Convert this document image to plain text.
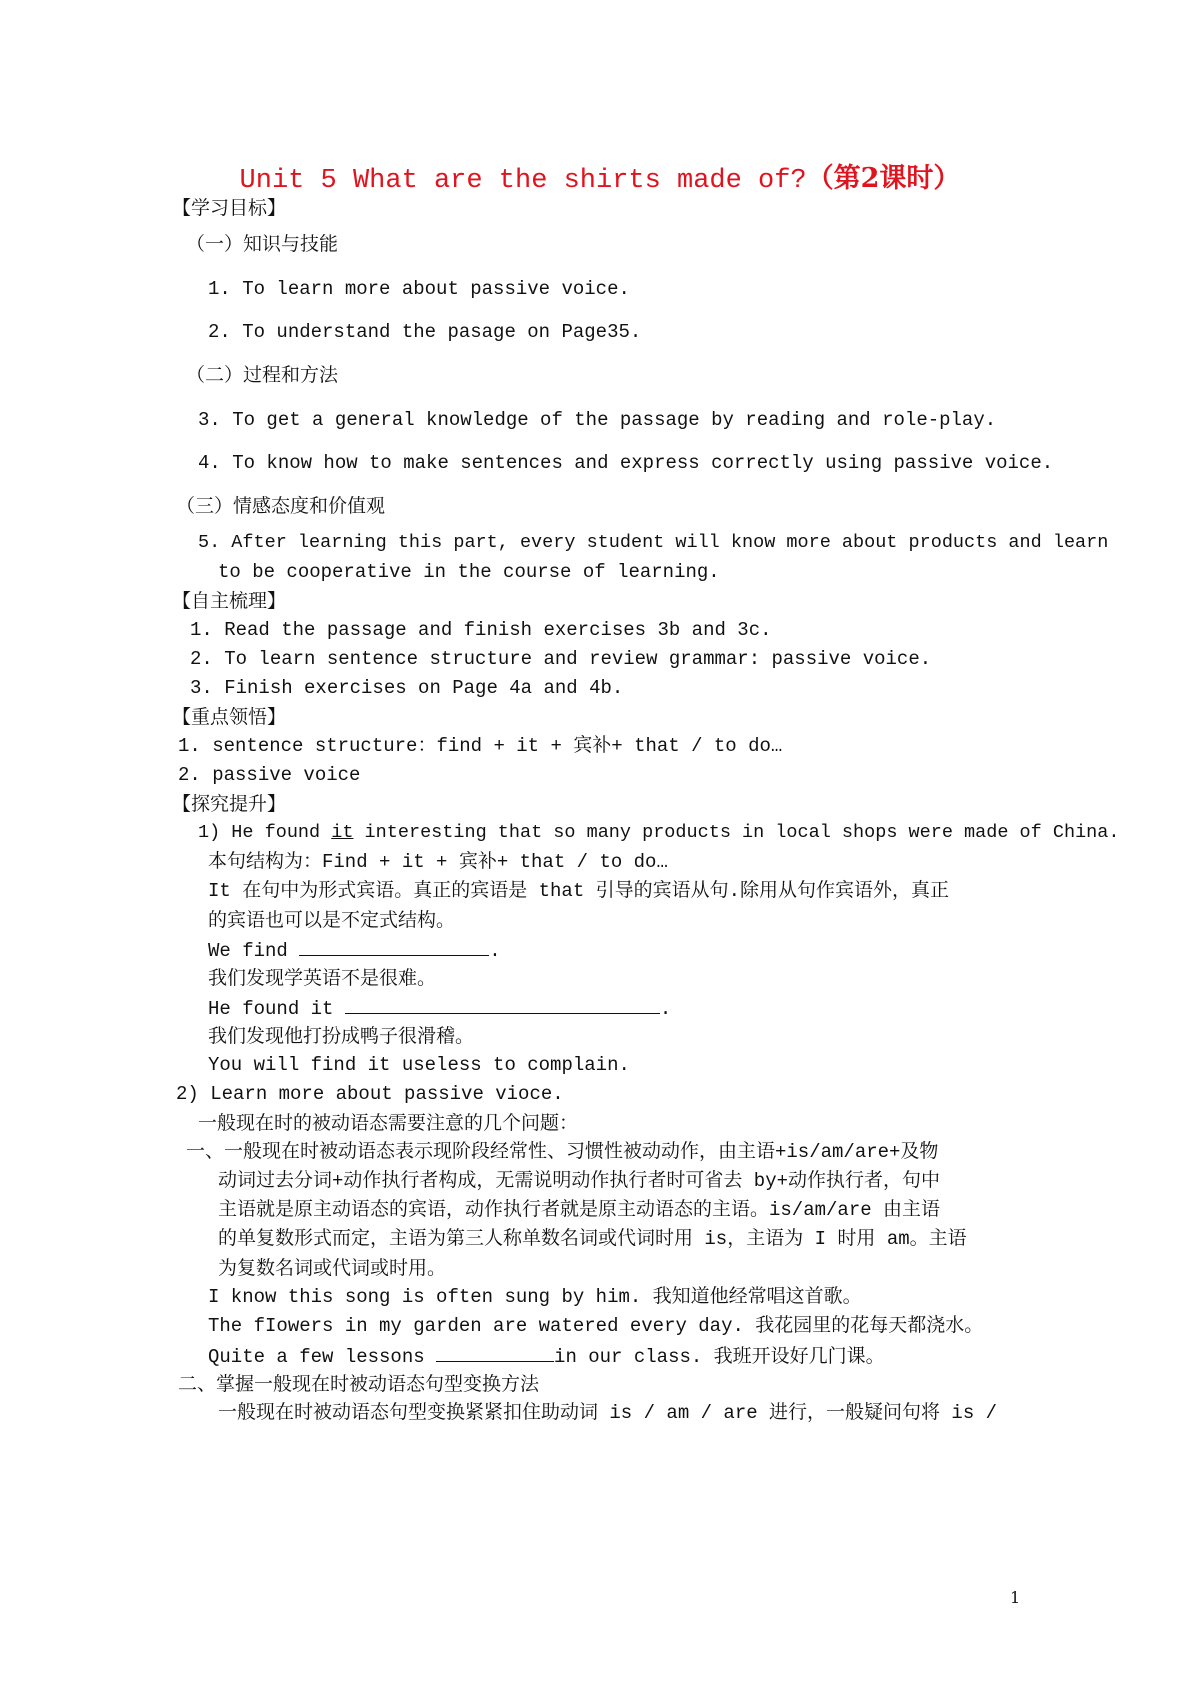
Unit 5 What are the shirts made of?（第2课时）
【学习目标】
（一）知识与技能
1. To learn more about passive voice.
2. To understand the pasage on Page35.
（二）过程和方法
3. To get a general knowledge of the passage by reading and role-play.
4. To know how to make sentences and express correctly using passive voice.
（三）情感态度和价值观
5. After learning this part, every student will know more about products and learn
to be cooperative in the course of learning.
【自主梳理】
1. Read the passage and finish exercises 3b and 3c.
2. To learn sentence structure and review grammar: passive voice.
3. Finish exercises on Page 4a and 4b.
【重点领悟】
1. sentence structure：find + it + 宾补+ that / to do…
2. passive voice
【探究提升】
1) He found it interesting that so many products in local shops were made of China.
本句结构为：Find + it + 宾补+ that / to do…
It 在句中为形式宾语。真正的宾语是 that 引导的宾语从句.除用从句作宾语外，真正
的宾语也可以是不定式结构。
We find	.
我们发现学英语不是很难。
He found it	.
我们发现他打扮成鸭子很滑稽。
You will find it useless to complain.
2) Learn more about passive vioce.
一般现在时的被动语态需要注意的几个问题：
一、一般现在时被动语态表示现阶段经常性、习惯性被动动作，由主语+is/am/are+及物
动词过去分词+动作执行者构成，无需说明动作执行者时可省去 by+动作执行者，句中
主语就是原主动语态的宾语，动作执行者就是原主动语态的主语。is/am/are 由主语
的单复数形式而定，主语为第三人称单数名词或代词时用 is，主语为 I 时用 am。主语
为复数名词或代词或时用。
I know this song is often sung by him. 我知道他经常唱这首歌。
The fIowers in my garden are watered every day. 我花园里的花每天都浇水。
Quite a few lessons	in our class. 我班开设好几门课。
二、掌握一般现在时被动语态句型变换方法
一般现在时被动语态句型变换紧紧扣住助动词 is / am / are 进行，一般疑问句将 is /
1
